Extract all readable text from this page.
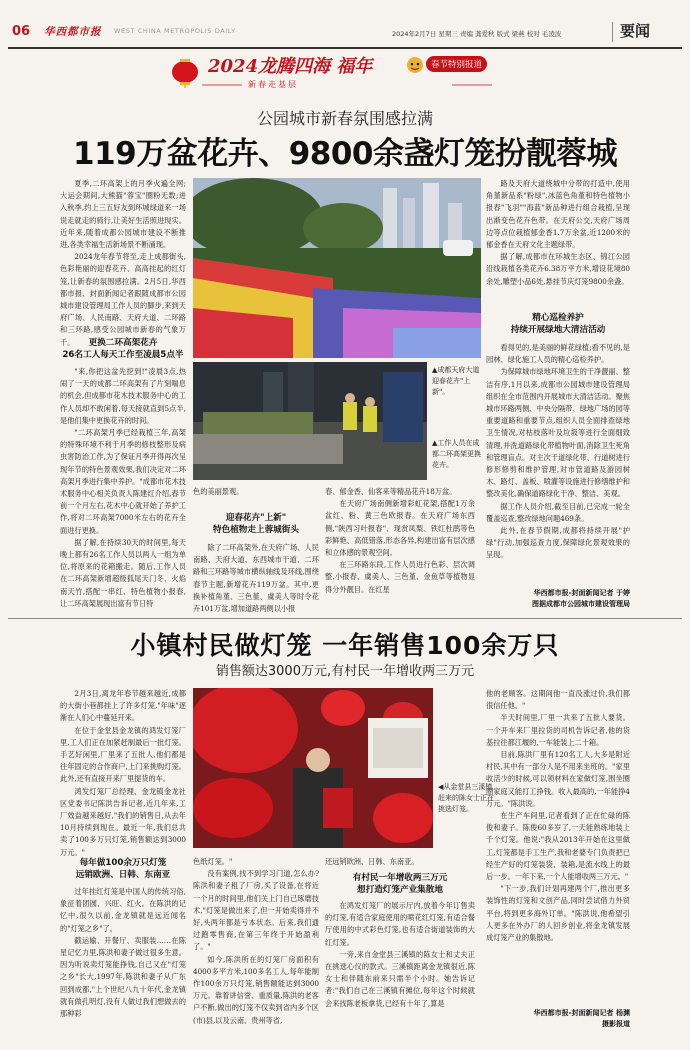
06 华西都市报 WEST CHINA METROPOLIS DAILY	2024年2月7日 星期三 责编 龚爱秋 版式 梁燕 校对 毛凌波	要闻
2024龙腾四海 福年	春节特别报道
新春走基层
公园城市新春氛围感拉满
119万盆花卉、9800余盏灯笼扮靓蓉城

夏季,二环高架上的月季火遍全网;大运会期间,大熊猫"蓉宝"圈粉无数;进入秋季,约上三五好友到环城绿道来一场说走就走的骑行,让美好生活照进现实。近年来,随着成都公园城市建设不断推进,各类幸福生活新场景不断涌现。

2024龙年春节将至,走上成都街头,色彩艳丽的迎春花卉、高高挂起的红灯笼,让新春的氛围感拉满。2月5日,华西都市报、封面新闻记者跟随成都市公园城市建设管理局工作人员的脚步,来到天府广场、人民南路、天府大道、二环路和三环路,感受公园城市新春的气象万千。	更换二环高架花卉
26名工人每天工作至凌晨5点半

"来,你把这盆先挖到!"凌晨3点,热闹了一天的成都二环高架有了片刻喘息的机会,但成都市花木技术服务中心的工作人员却不敢闲着,每天接就直到5点半,是他们集中更换花卉的时间。

"二环高架月季已经栽植三年,高架的特殊环境不利于月季的修枝整形及病虫害防治工作,为了保证月季开得再次呈现年节的特色景观效果,我们决定对二环高架月季进行集中养护。"成都市花木技术服务中心相关负责人陈建红介绍,春节前一个月左右,花木中心就开始了养护工作,将对二环高架7000米左右的花卉全面进行更换。

据了解,在持续30天的时间里,每天晚上都有26名工作人员以两人一组为单位,将原来的花箱搬走。随后,工作人员在二环高架新增超级狐尾天门冬、火焰南天竹,搭配一串红、特色植物小报春,让二环高架展现出富有节日特

▲成都天府大道迎春花卉"上新"。
▲工作人员在成都二环高架更换花卉。
色的美丽景观。
迎春花卉"上新"
特色植物走上蓉城街头

除了二环高架外,在天府广场、人民南路、天府大道、东西城市干道、二环路和三环路等城市横纵轴线及环线,围绕春节主题,新增花卉119万盆。其中,更换补植角堇、三色堇、虞美人等时令花卉101万盆,增加道路两侧以小报

春、郁金香、仙客来等精品花卉18万盆。

在天府广场南侧新增彩虹花架,搭配1万余盆红、粉、黄三色欧报春。在天府广场东西侧,"陕西习叶报春"、现赏凤梨、铁红杜鹃等色彩鲜艳、高低错落,形态各异,构建出富有层次感和立体感的景观空间。

在三环路东段,工作人员进行色彩、层次调整,小报春、虞美人、三色堇、金鱼草等植物显得分外靓目。在红星

路及天府大道绕城中分带的打造中,使用角堇新品系"粉绿",冰蓝色角堇和特色植物小报春"飞羽""海蓝"新品种进行组合栽植,呈现出渐变色花卉色带。在天府公交,天府广场周边等点位栽植郁金香1.7万余盆,近1200米的郁金香在天府文化主题绿带。

据了解,成都市在环城生态区、锦江公园沿线栽植各类花卉6.38万平方米,增设花境80余处,雕塑小品6处,悬挂节庆灯笼9800余盏。

精心巡检养护
持续开展绿地大清洁活动

看得见的,是美丽的鲜花绿植;看不见的,是园林、绿化施工人员的精心巡检养护。

为保障城市绿地环境卫生的干净靓丽、整洁有序,1月以来,成都市公园城市建设管理局组织在全市范围内开展城市大清洁活动。聚焦城市环路两侧、中央分隔带、绿地广场的园等重要道路和重要节点,组织人员全面排查绿地卫生情况,对枯枝落叶及垃圾等进行全面细致清理,并洗道路绿化带植物叶面,消除卫生死角和管理盲点。对主次干道绿化带、行道树进行修形修剪和维护管理,对市管道路及游园树木、路灯、盖板、喷灌等设施进行修缮维护和整改美化,确保道路绿化干净、整洁、美观。

据工作人员介绍,截至目前,已完成一轮全覆盖巡查,整改绿地问题469条。

此外,在春节假期,成都将持续开展"护绿"行动,加强巡查力度,保障绿化景观效果的呈现。

华西都市报-封面新闻记者 于婷
图据成都市公园城市建设管理局
小镇村民做灯笼 一年销售100余万只
销售额达3000万元,有村民一年增收两三万元

2月3日,离龙年春节越来越近,成都的大街小巷都挂上了许多灯笼,"年味"逐渐在人们心中蔓延开来。

在位于金堂县金龙镇的鸿发灯笼厂里,工人们正在加紧赶制最后一批灯笼。手艺好闲里,厂里来了五批人,他们都是往年固定的合作商户,上门来挑购灯笼。此外,还有直接开来厂里提货的车。

鸿发灯笼厂总经理、金龙镇金龙社区党委书记陈洪告诉记者,近几年来,工厂效益越来越好,"我们的销售日,从去年10月持续到现在。最近一年,我们总共卖了100多万只灯笼,销售额达到3000万元。"

每年做100余万只灯笼
远销欧洲、日韩、东南亚

过年挂红灯笼是中国人的传统习俗,象征着团圆、兴旺、红火。在陈洪的记忆中,很久以前,金龙镇就是远近闻名的"灯笼之乡"了。

戳运输、开餐厅、卖服装……在陈星记忆力里,陈洪和妻子做过很多生意。因为听说卖灯笼能挣钱,自己又在"灯笼之乡"长大,1997年,陈洪和妻子从广东回到成都,"上个世纪八九十年代,金龙镇就有做孔明灯,没有人做过我们想做去的那种彩

◀从金堂县三溪镇赶来的陈女士正在挑选灯笼。
色纸灯笼。"

没有案例,找不到学习门道,怎么办?陈洪和妻子租了厂房,买了设备,在将近一个月的时间里,他们关上门自己琢磨技术,"灯笼是做出来了,但一开始卖得并不好,头两年都是亏本状态。后来,我们通过跑零售商,在第三年终于开始盈利了。"

如今,陈洪所在的灯笼厂房面积有4000多平方米,100多名工人,每年能制作100余万只灯笼,销售额能达到3000万元。靠着讲信誉、重质量,陈洪的老客户不断,做出的灯笼不仅卖到省内多个区(市)县,以及云南、贵州等省,

还远销欧洲、日韩、东南亚。
有村民一年增收两三万元
想打造灯笼产业集散地

在鸿发灯笼厂的展示厅内,放着今年订售卖的灯笼,有适合家庭使用的喷花红灯笼,有适合餐厅使用的中式彩色灯笼,也有适合街道装饰的大红灯笼。

一旁,来自金堂县三溪镇的陈女士和丈夫正在挑选心仪的款式。三溪镇距离金龙镇很近,陈女士和伴随东前来只需半个小时。她告诉记者:"我们自己在三溪镇有摊位,每年这个时候就会来找陈老板拿货,已经有十年了,算是

他的老顾客。这期间他一直没涨过价,我们都很信任他。"

半天时间里,厂里一共来了五批人要货。一个开车来厂里拉货的司机告诉记者,他的货基拉往都江堰的,一车能装上二十箱。

目前,陈洪厂里有120名工人,大多是附近村民,其中有一部分人是不用来坐班的。"家里收活少的时候,可以领材料在家做灯笼,围坐圈圈家庭又能打工挣钱。收入最高的,一年能挣4万元。"陈洪说。

在生产车间里,记者看到了正在忙碌的陈俊和妻子。陈俊60多岁了,一天能熟练地装上千个灯笼。他说:"我从2013年开始在这里做工,灯笼都是手工生产,我和老婆专门负责把已经生产好的灯笼装袋、装箱,是流水线上的最后一步。一年下来,一个人能增收两三万元。"

"下一步,我们计划再建两个厂,推出更多装饰性的灯笼和文创产品,同时尝试借力外贸平台,将到更多海外订单。"陈洪说,他希望引人更多在外办厂的人回乡创业,将金龙镇发展成灯笼产业的集散地。

华西都市报-封面新闻记者 杨渊
摄影报道
